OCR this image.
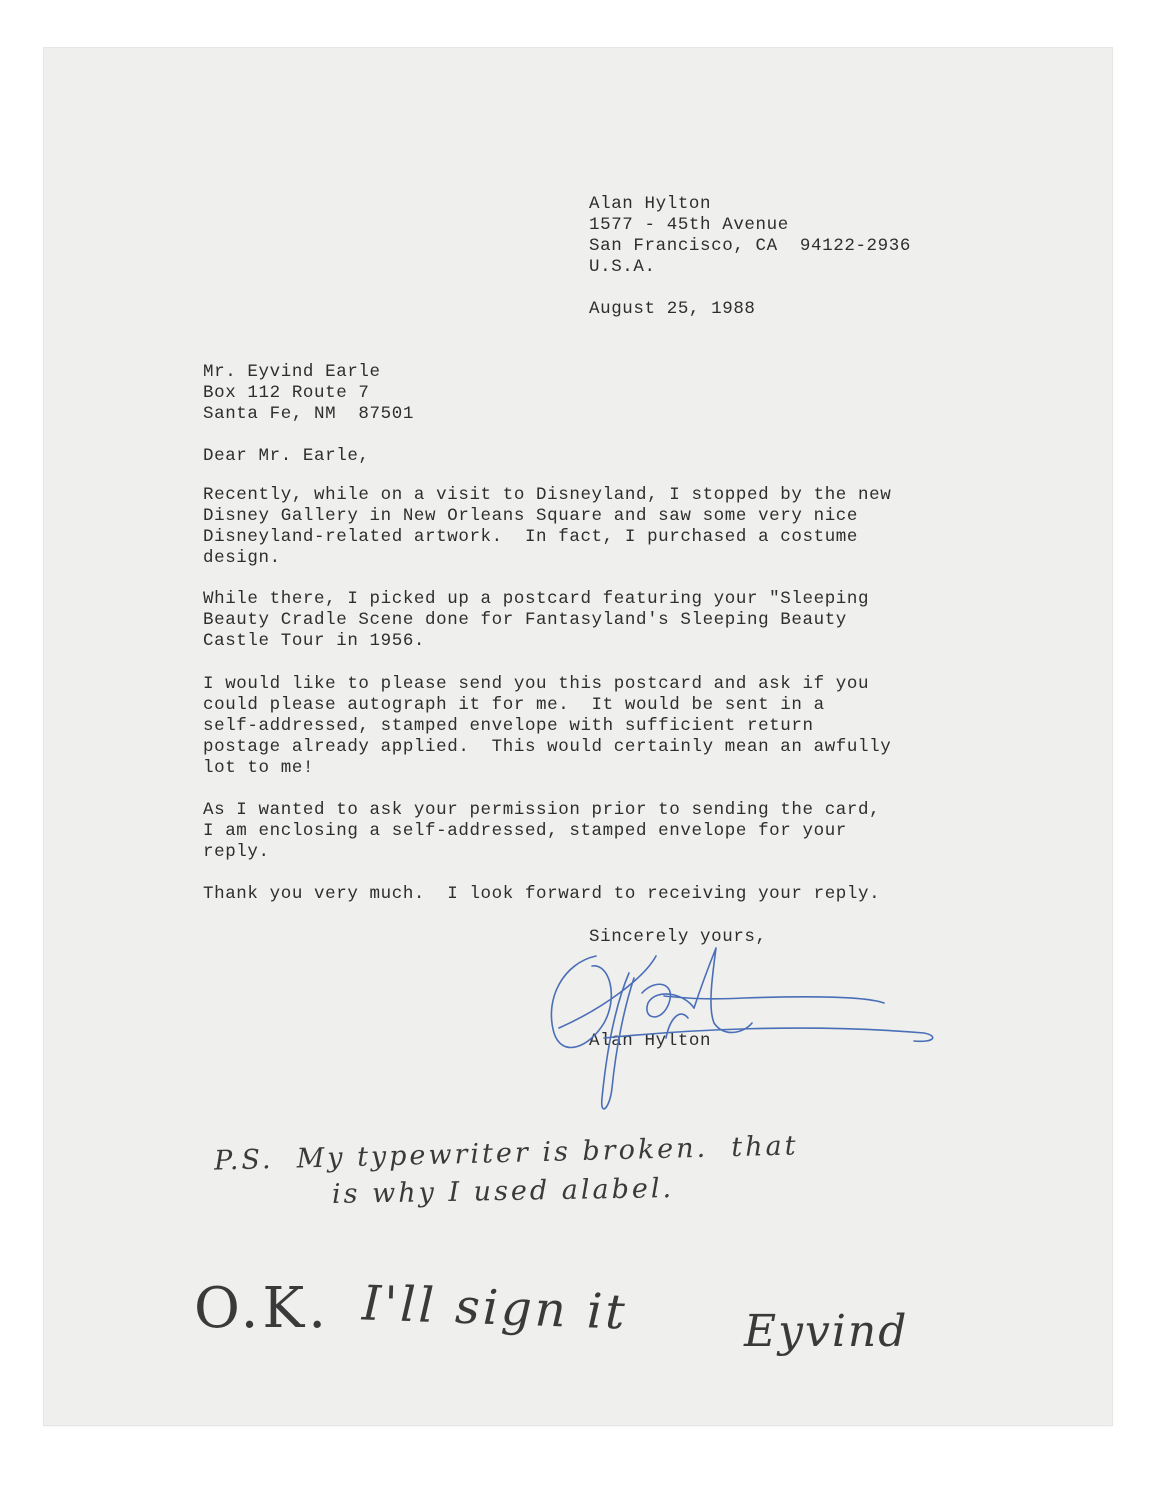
Alan Hylton

1577 - 45th Avenue

San Francisco, CA  94122-2936

U.S.A.

August 25, 1988

Mr. Eyvind Earle

Box 112 Route 7

Santa Fe, NM  87501

Dear Mr. Earle,

Recently, while on a visit to Disneyland, I stopped by the new
Disney Gallery in New Orleans Square and saw some very nice
Disneyland-related artwork.  In fact, I purchased a costume
design.

While there, I picked up a postcard featuring your "Sleeping
Beauty Cradle Scene done for Fantasyland's Sleeping Beauty
Castle Tour in 1956.

I would like to please send you this postcard and ask if you
could please autograph it for me.  It would be sent in a
self-addressed, stamped envelope with sufficient return
postage already applied.  This would certainly mean an awfully
lot to me!

As I wanted to ask your permission prior to sending the card,
I am enclosing a self-addressed, stamped envelope for your
reply.

Thank you very much.  I look forward to receiving your reply.

Sincerely yours,

Alan Hylton

P.S.  My typewriter is broken.  that

is why I used alabel.

O.K. I'll sign it	Eyvind
